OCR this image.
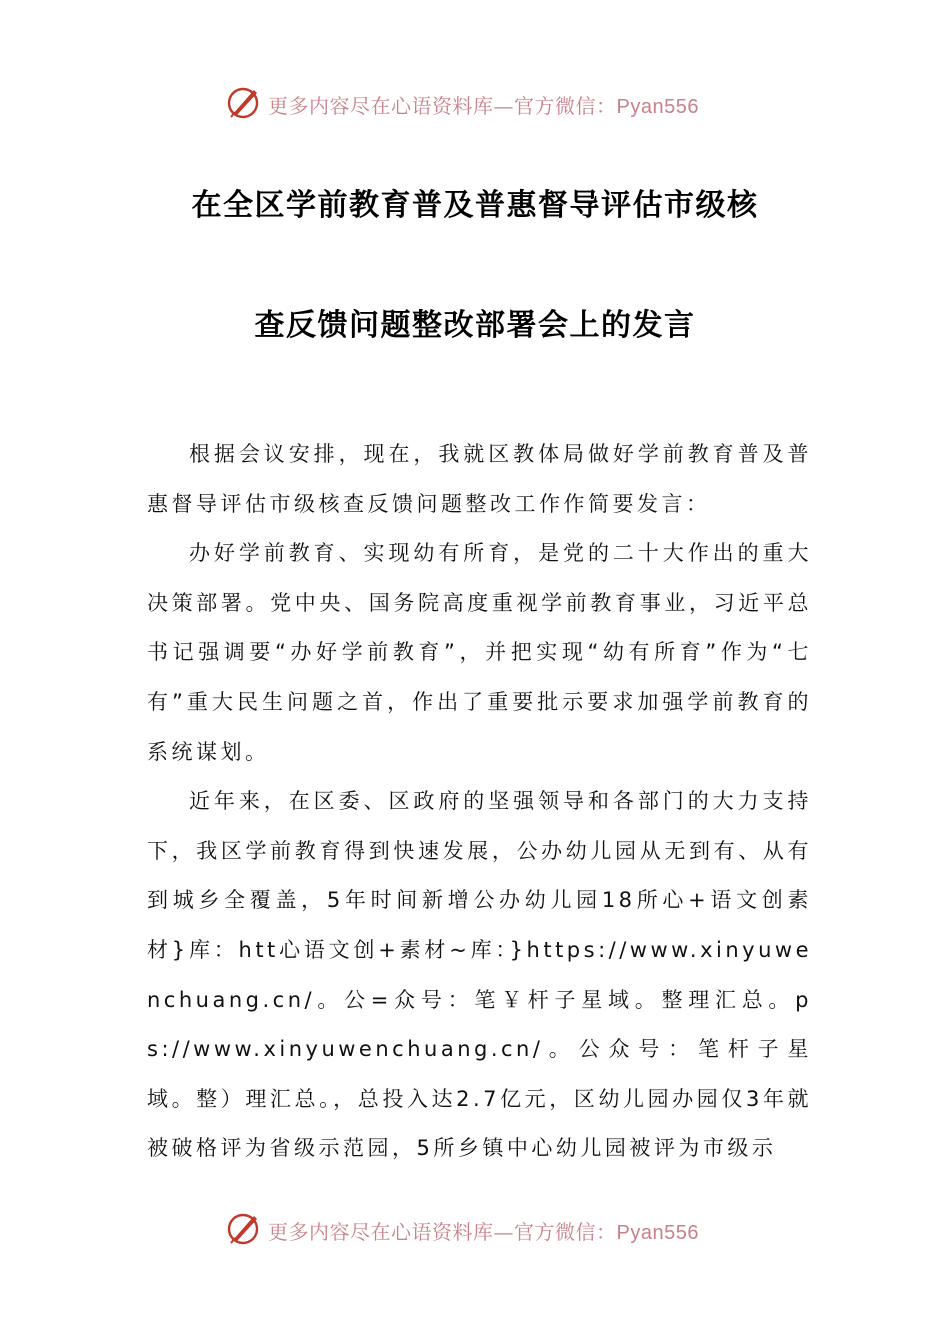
更多内容尽在心语资料库—官方微信：Pyan556
在全区学前教育普及普惠督导评估市级核
查反馈问题整改部署会上的发言

根据会议安排，现在，我就区教体局做好学前教育普及普惠督导评估市级核查反馈问题整改工作作简要发言：

办好学前教育、实现幼有所育，是党的二十大作出的重大决策部署。党中央、国务院高度重视学前教育事业，习近平总书记强调要“办好学前教育”，并把实现“幼有所育”作为“七有”重大民生问题之首，作出了重要批示要求加强学前教育的系统谋划。

近年来，在区委、区政府的坚强领导和各部门的大力支持下，我区学前教育得到快速发展，公办幼儿园从无到有、从有到城乡全覆盖，5年时间新增公办幼儿园18所心+语文创素材}库：htt心语文创+素材~库：}https://www.xinyuwenchuang.cn/。公=众号：笔￥杆子星域。整理汇总。ps://www.xinyuwenchuang.cn/。公众号：笔杆子星域。整）理汇总。，总投入达2.7亿元，区幼儿园办园仅3年就被破格评为省级示范园，5所乡镇中心幼儿园被评为市级示

更多内容尽在心语资料库—官方微信：Pyan556
